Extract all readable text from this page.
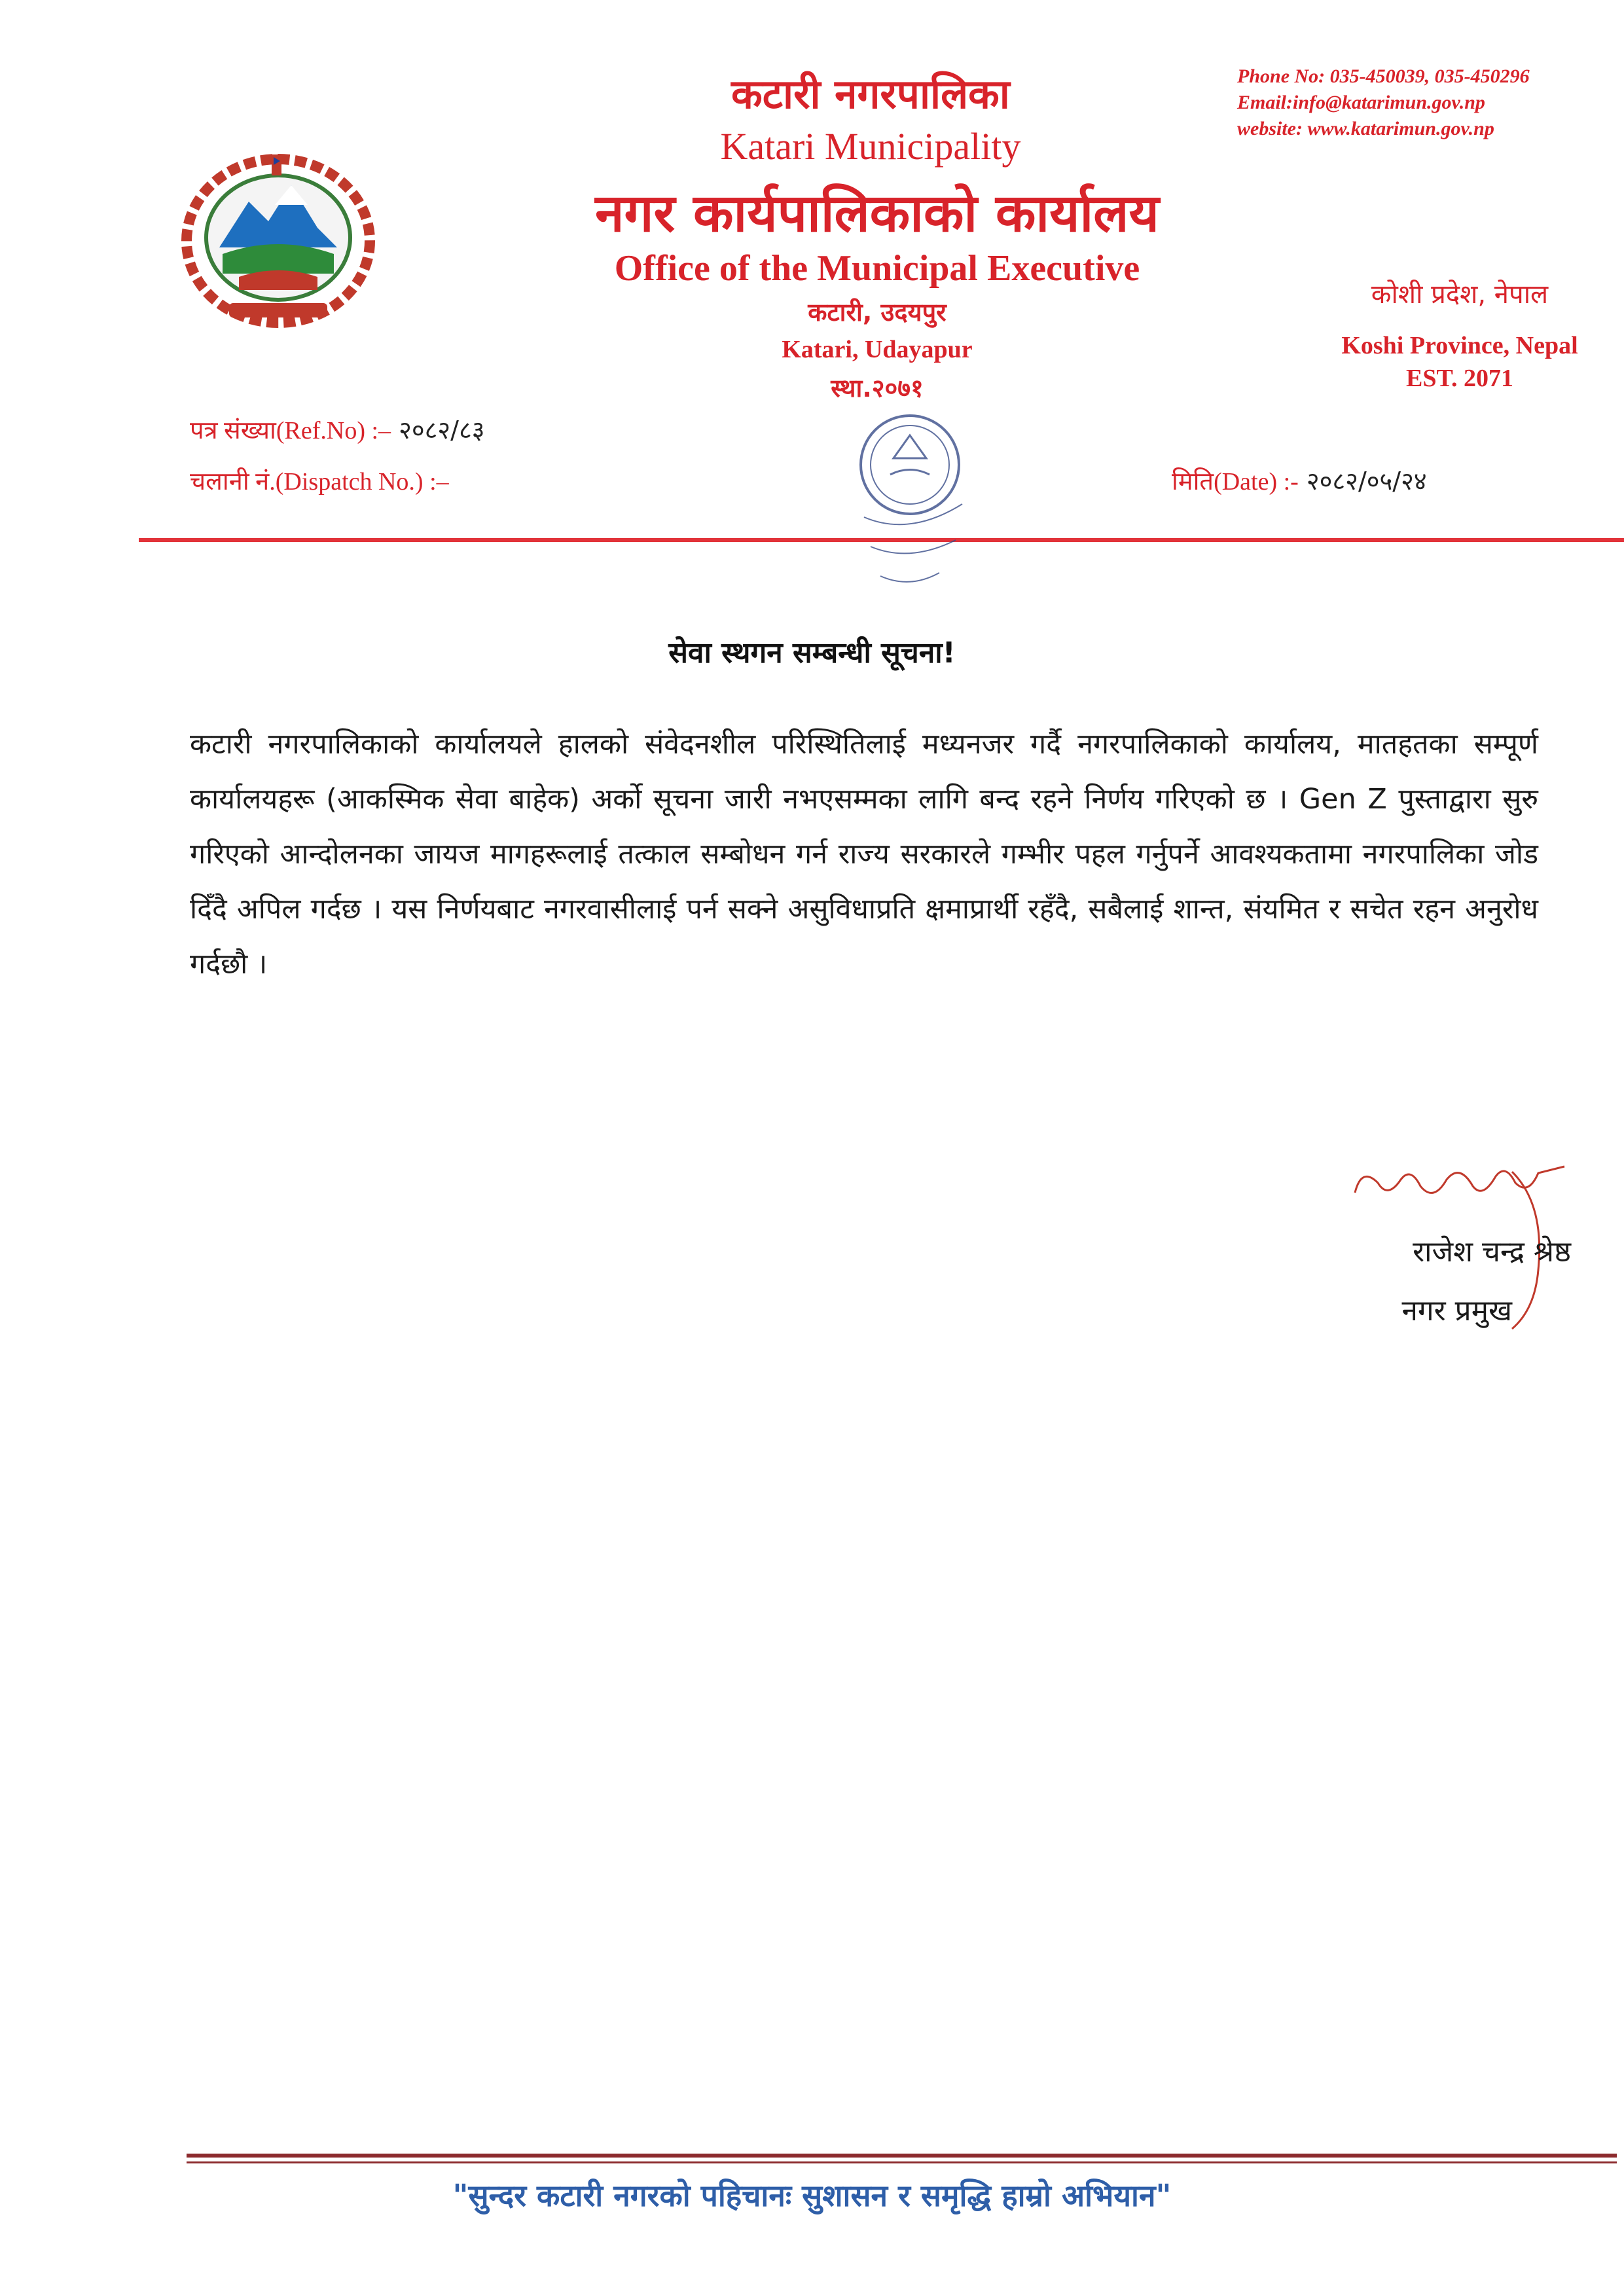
कटारी नगरपालिका
Katari Municipality
नगर कार्यपालिकाको कार्यालय
Office of the Municipal Executive
कटारी, उदयपुर
Katari, Udayapur
स्था.२०७१
Phone No: 035-450039, 035-450296
Email:info@katarimun.gov.np
website: www.katarimun.gov.np
कोशी प्रदेश, नेपाल
Koshi Province, Nepal
EST. 2071
पत्र संख्या(Ref.No) :– २०८२/८३
चलानी नं.(Dispatch No.) :–	मिति(Date) :- २०८२/०५/२४
सेवा स्थगन सम्बन्धी सूचना!
कटारी नगरपालिकाको कार्यालयले हालको संवेदनशील परिस्थितिलाई मध्यनजर गर्दै नगरपालिकाको कार्यालय, मातहतका सम्पूर्ण कार्यालयहरू (आकस्मिक सेवा बाहेक) अर्को सूचना जारी नभएसम्मका लागि बन्द रहने निर्णय गरिएको छ । Gen Z पुस्ताद्वारा सुरु गरिएको आन्दोलनका जायज मागहरूलाई तत्काल सम्बोधन गर्न राज्य सरकारले गम्भीर पहल गर्नुपर्ने आवश्यकतामा नगरपालिका जोड दिँदै अपिल गर्दछ । यस निर्णयबाट नगरवासीलाई पर्न सक्ने असुविधाप्रति क्षमाप्रार्थी रहँदै, सबैलाई शान्त, संयमित र सचेत रहन अनुरोध गर्दछौ ।
राजेश चन्द्र श्रेष्ठ
नगर प्रमुख
"सुन्दर कटारी नगरको पहिचानः सुशासन र समृद्धि हाम्रो अभियान"
